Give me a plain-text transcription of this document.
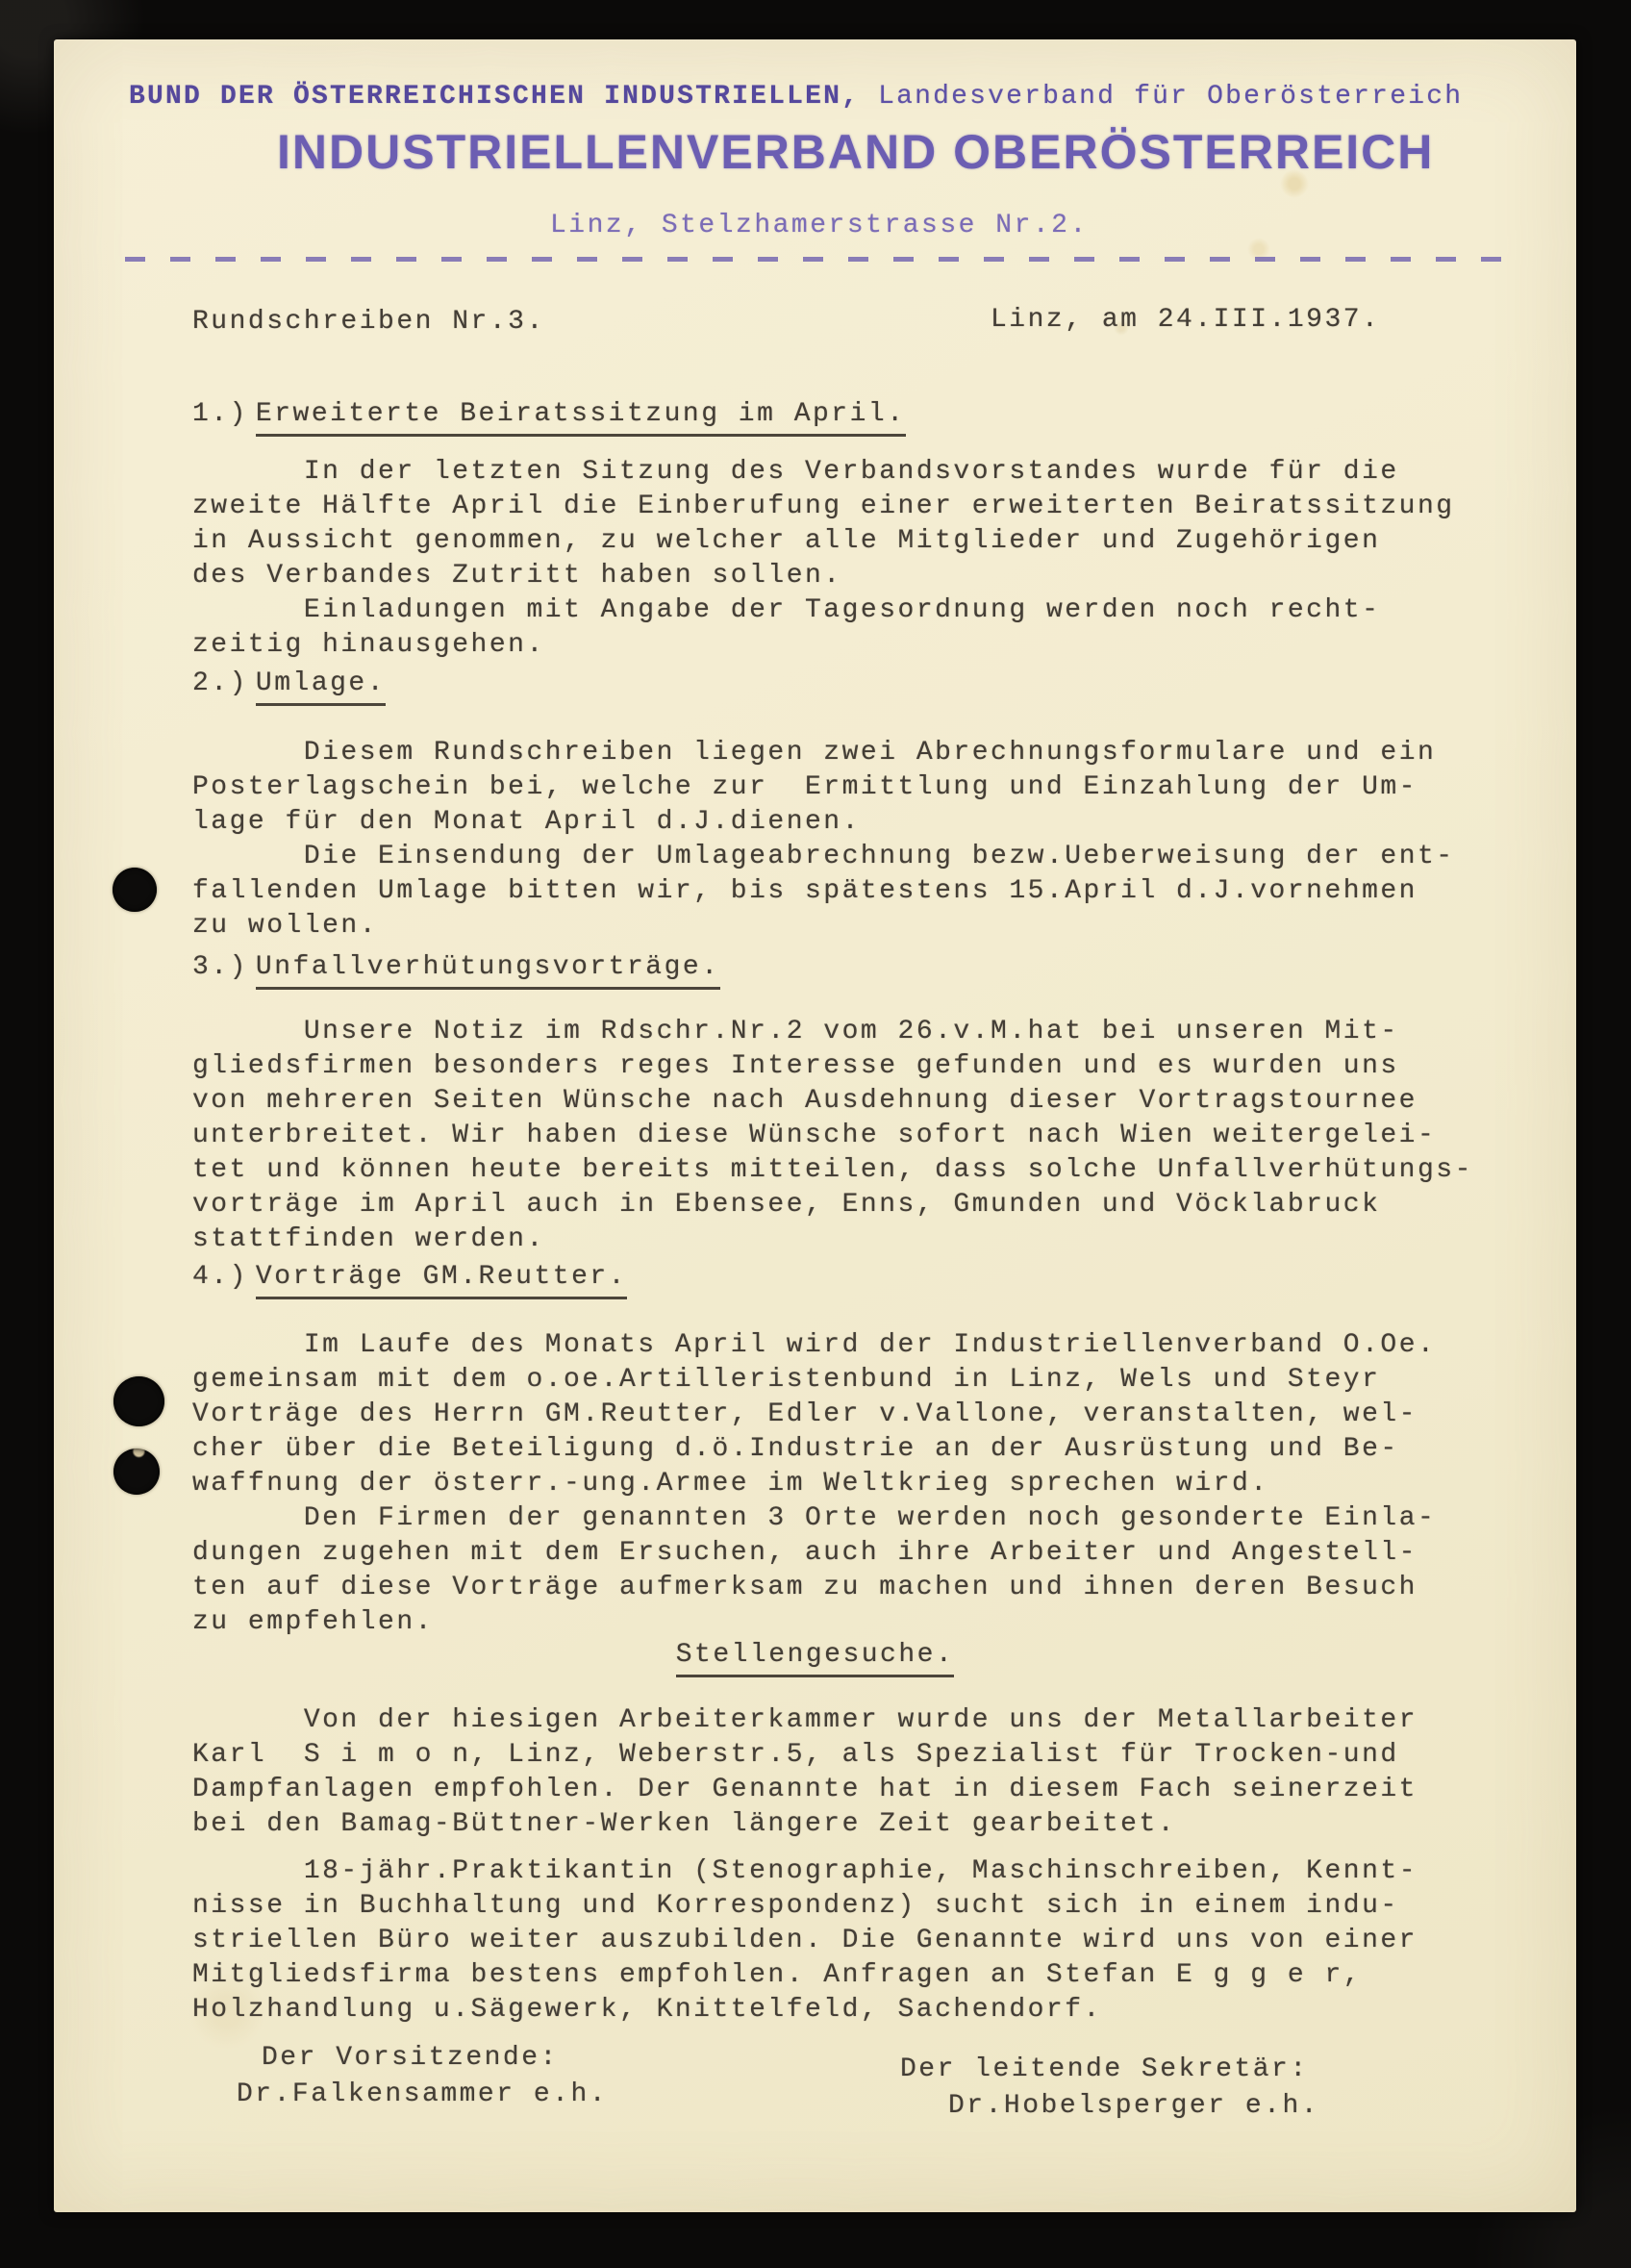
BUND DER ÖSTERREICHISCHEN INDUSTRIELLEN, Landesverband für Oberösterreich
INDUSTRIELLENVERBAND OBERÖSTERREICH
Linz, Stelzhamerstrasse Nr.2.
Rundschreiben Nr.3.	Linz, am 24.III.1937.
1.) Erweiterte Beiratssitzung im April.
In der letzten Sitzung des Verbandsvorstandes wurde für die
zweite Hälfte April die Einberufung einer erweiterten Beiratssitzung
in Aussicht genommen, zu welcher alle Mitglieder und Zugehörigen
des Verbandes Zutritt haben sollen.
Einladungen mit Angabe der Tagesordnung werden noch recht-
zeitig hinausgehen.
2.) Umlage.
Diesem Rundschreiben liegen zwei Abrechnungsformulare und ein
Posterlagschein bei, welche zur  Ermittlung und Einzahlung der Um-
lage für den Monat April d.J.dienen.
Die Einsendung der Umlageabrechnung bezw.Ueberweisung der ent-
fallenden Umlage bitten wir, bis spätestens 15.April d.J.vornehmen
zu wollen.
3.) Unfallverhütungsvorträge.
Unsere Notiz im Rdschr.Nr.2 vom 26.v.M.hat bei unseren Mit-
gliedsfirmen besonders reges Interesse gefunden und es wurden uns
von mehreren Seiten Wünsche nach Ausdehnung dieser Vortragstournee
unterbreitet. Wir haben diese Wünsche sofort nach Wien weitergelei-
tet und können heute bereits mitteilen, dass solche Unfallverhütungs-
vorträge im April auch in Ebensee, Enns, Gmunden und Vöcklabruck
stattfinden werden.
4.) Vorträge GM.Reutter.
Im Laufe des Monats April wird der Industriellenverband O.Oe.
gemeinsam mit dem o.oe.Artilleristenbund in Linz, Wels und Steyr
Vorträge des Herrn GM.Reutter, Edler v.Vallone, veranstalten, wel-
cher über die Beteiligung d.ö.Industrie an der Ausrüstung und Be-
waffnung der österr.-ung.Armee im Weltkrieg sprechen wird.
Den Firmen der genannten 3 Orte werden noch gesonderte Einla-
dungen zugehen mit dem Ersuchen, auch ihre Arbeiter und Angestell-
ten auf diese Vorträge aufmerksam zu machen und ihnen deren Besuch
zu empfehlen.
Stellengesuche.
Von der hiesigen Arbeiterkammer wurde uns der Metallarbeiter
Karl  S i m o n, Linz, Weberstr.5, als Spezialist für Trocken-und
Dampfanlagen empfohlen. Der Genannte hat in diesem Fach seinerzeit
bei den Bamag-Büttner-Werken längere Zeit gearbeitet.
18-jähr.Praktikantin (Stenographie, Maschinschreiben, Kennt-
nisse in Buchhaltung und Korrespondenz) sucht sich in einem indu-
striellen Büro weiter auszubilden. Die Genannte wird uns von einer
Mitgliedsfirma bestens empfohlen. Anfragen an Stefan E g g e r,
Holzhandlung u.Sägewerk, Knittelfeld, Sachendorf.
Der Vorsitzende:
Dr.Falkensammer e.h.
Der leitende Sekretär:
Dr.Hobelsperger e.h.
